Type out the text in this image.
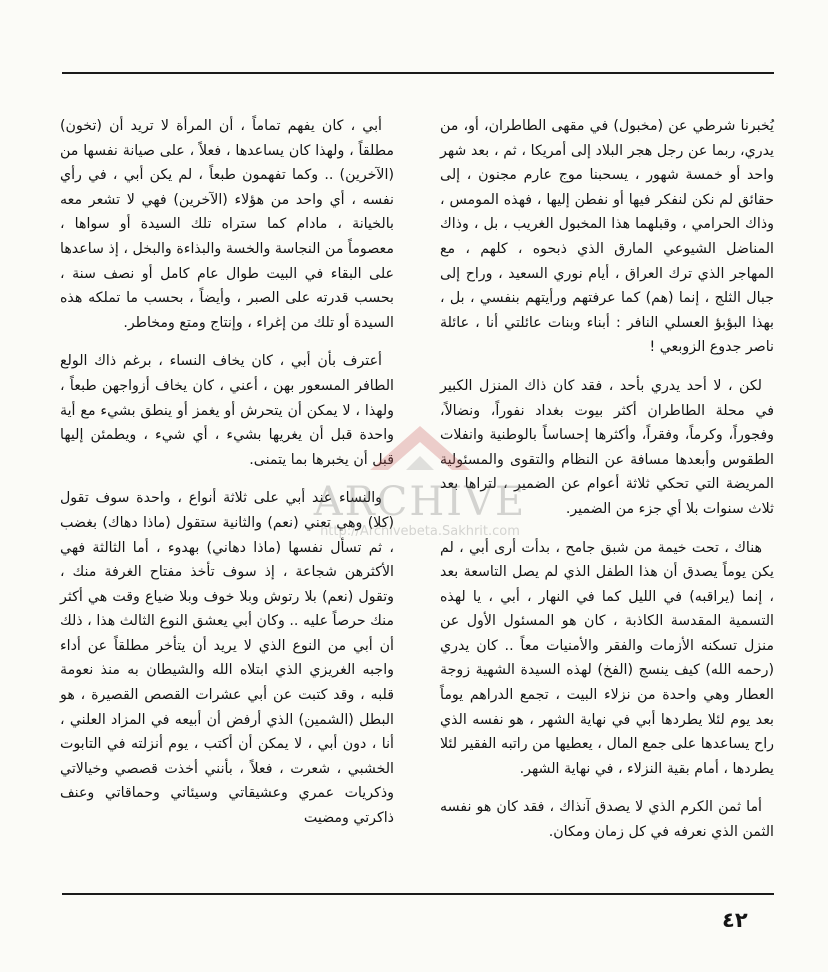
يُخبرنا شرطي عن (مخبول) في مقهى الطاطران، أو، من يدري، ربما عن رجل هجر البلاد إلى أمريكا ، ثم ، بعد شهر واحد أو خمسة شهور ، يسحبنا موج عارم مجنون ، إلى حقائق لم نكن لنفكر فيها أو نفطن إليها ، فهذه المومس ، وذاك الحرامي ، وقبلهما هذا المخبول الغريب ، بل ، وذاك المناضل الشيوعي المارق الذي ذبحوه ، كلهم ، مع المهاجر الذي ترك العراق ، أيام نوري السعيد ، وراح إلى جبال الثلج ، إنما (هم) كما عرفتهم ورأيتهم بنفسي ، بل ، بهذا البؤبؤ العسلي النافر : أبناء وبنات عائلتي أنا ، عائلة ناصر جدوع الزوبعي !

لكن ، لا أحد يدري بأحد ، فقد كان ذاك المنزل الكبير في محلة الطاطران أكثر بيوت بغداد نفوراً، ونضالاً، وفجوراً، وكرماً، وفقراً، وأكثرها إحساساً بالوطنية وانفلات الطقوس وأبعدها مسافة عن النظام والتقوى والمسئولية المريضة التي تحكي ثلاثة أعوام عن الضمير ، لتراها بعد ثلاث سنوات بلا أي جزء من الضمير.

هناك ، تحت خيمة من شبق جامح ، بدأت أرى أبي ، لم يكن يوماً يصدق أن هذا الطفل الذي لم يصل التاسعة بعد ، إنما (يراقبه) في الليل كما في النهار ، أبي ، يا لهذه التسمية المقدسة الكاذبة ، كان هو المسئول الأول عن منزل تسكنه الأزمات والفقر والأمنيات معاً .. كان يدري (رحمه الله) كيف ينسج (الفخ) لهذه السيدة الشهية زوجة العطار وهي واحدة من نزلاء البيت ، تجمع الدراهم يوماً بعد يوم لئلا يطردها أبي في نهاية الشهر ، هو نفسه الذي راح يساعدها على جمع المال ، يعطيها من راتبه الفقير لئلا يطردها ، أمام بقية النزلاء ، في نهاية الشهر.

أما ثمن الكرم الذي لا يصدق آنذاك ، فقد كان هو نفسه الثمن الذي نعرفه في كل زمان ومكان.

أبي ، كان يفهم تماماً ، أن المرأة لا تريد أن (تخون) مطلقاً ، ولهذا كان يساعدها ، فعلاً ، على صيانة نفسها من (الآخرين) .. وكما تفهمون طبعاً ، لم يكن أبي ، في رأي نفسه ، أي واحد من هؤلاء (الآخرين) فهي لا تشعر معه بالخيانة ، مادام كما ستراه تلك السيدة أو سواها ، معصوماً من النجاسة والخسة والبذاءة والبخل ، إذ ساعدها على البقاء في البيت طوال عام كامل أو نصف سنة ، بحسب قدرته على الصبر ، وأيضاً ، بحسب ما تملكه هذه السيدة أو تلك من إغراء ، وإنتاج ومتع ومخاطر.

أعترف بأن أبي ، كان يخاف النساء ، برغم ذاك الولع الطافر المسعور بهن ، أعني ، كان يخاف أزواجهن طبعاً ، ولهذا ، لا يمكن أن يتحرش أو يغمز أو ينطق بشيء مع أية واحدة قبل أن يغريها بشيء ، أي شيء ، ويطمئن إليها قبل أن يخبرها بما يتمنى.

والنساء عند أبي على ثلاثة أنواع ، واحدة سوف تقول (كلا) وهي تعني (نعم) والثانية ستقول (ماذا دهاك) بغضب ، ثم تسأل نفسها (ماذا دهاني) بهدوء ، أما الثالثة فهي الأكثرهن شجاعة ، إذ سوف تأخذ مفتاح الغرفة منك ، وتقول (نعم) بلا رتوش وبلا خوف وبلا ضياع وقت هي أكثر منك حرصاً عليه .. وكان أبي يعشق النوع الثالث هذا ، ذلك أن أبي من النوع الذي لا يريد أن يتأخر مطلقاً عن أداء واجبه الغريزي الذي ابتلاه الله والشيطان به منذ نعومة قلبه ، وقد كتبت عن أبي عشرات القصص القصيرة ، هو البطل (الشمين) الذي أرفض أن أبيعه في المزاد العلني ، أنا ، دون أبي ، لا يمكن أن أكتب ، يوم أنزلته في التابوت الخشبي ، شعرت ، فعلاً ، بأنني أخذت قصصي وخيالاتي وذكريات عمري وعشيقاتي وسيئاتي وحماقاتي وعنف ذاكرتي ومضيت

ARCHIVE
http://Archivebeta.Sakhrit.com
٤٢
